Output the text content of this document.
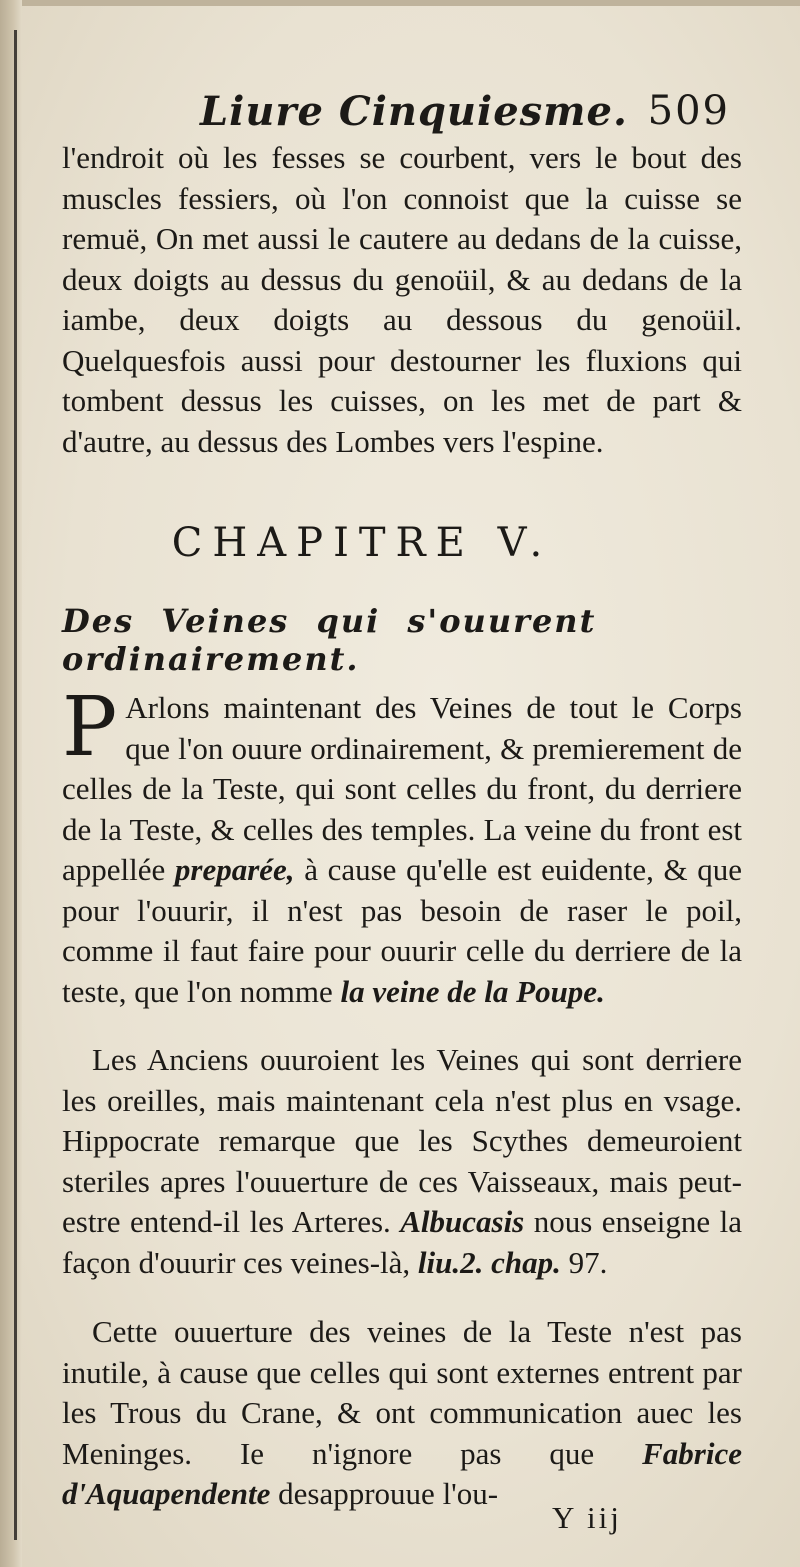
Liure Cinquiesme. 509
l'endroit où les fesses se courbent, vers le bout des muscles fessiers, où l'on connoist que la cuisse se remuë, On met aussi le cautere au dedans de la cuisse, deux doigts au dessus du genoüil, & au dedans de la iambe, deux doigts au dessous du genoüil. Quelquesfois aussi pour destourner les fluxions qui tombent dessus les cuisses, on les met de part & d'autre, au dessus des Lombes vers l'espine.
CHAPITRE V.
Des Veines qui s'ouurent ordinairement.
P Arlons maintenant des Veines de tout le Corps que l'on ouure ordinairement, & premierement de celles de la Teste, qui sont celles du front, du derriere de la Teste, & celles des temples. La veine du front est appellée preparée, à cause qu'elle est euidente, & que pour l'ouurir, il n'est pas besoin de raser le poil, comme il faut faire pour ouurir celle du derriere de la teste, que l'on nomme la veine de la Poupe.
Les Anciens ouuroient les Veines qui sont derriere les oreilles, mais maintenant cela n'est plus en vsage. Hippocrate remarque que les Scythes demeuroient steriles apres l'ouuerture de ces Vaisseaux, mais peut-estre entend-il les Arteres. Albucasis nous enseigne la façon d'ouurir ces veines-là, liu.2. chap. 97.
Cette ouuerture des veines de la Teste n'est pas inutile, à cause que celles qui sont externes entrent par les Trous du Crane, & ont communication auec les Meninges. Ie n'ignore pas que Fabrice d'Aquapendente desapprouue l'ou-
Y iij
